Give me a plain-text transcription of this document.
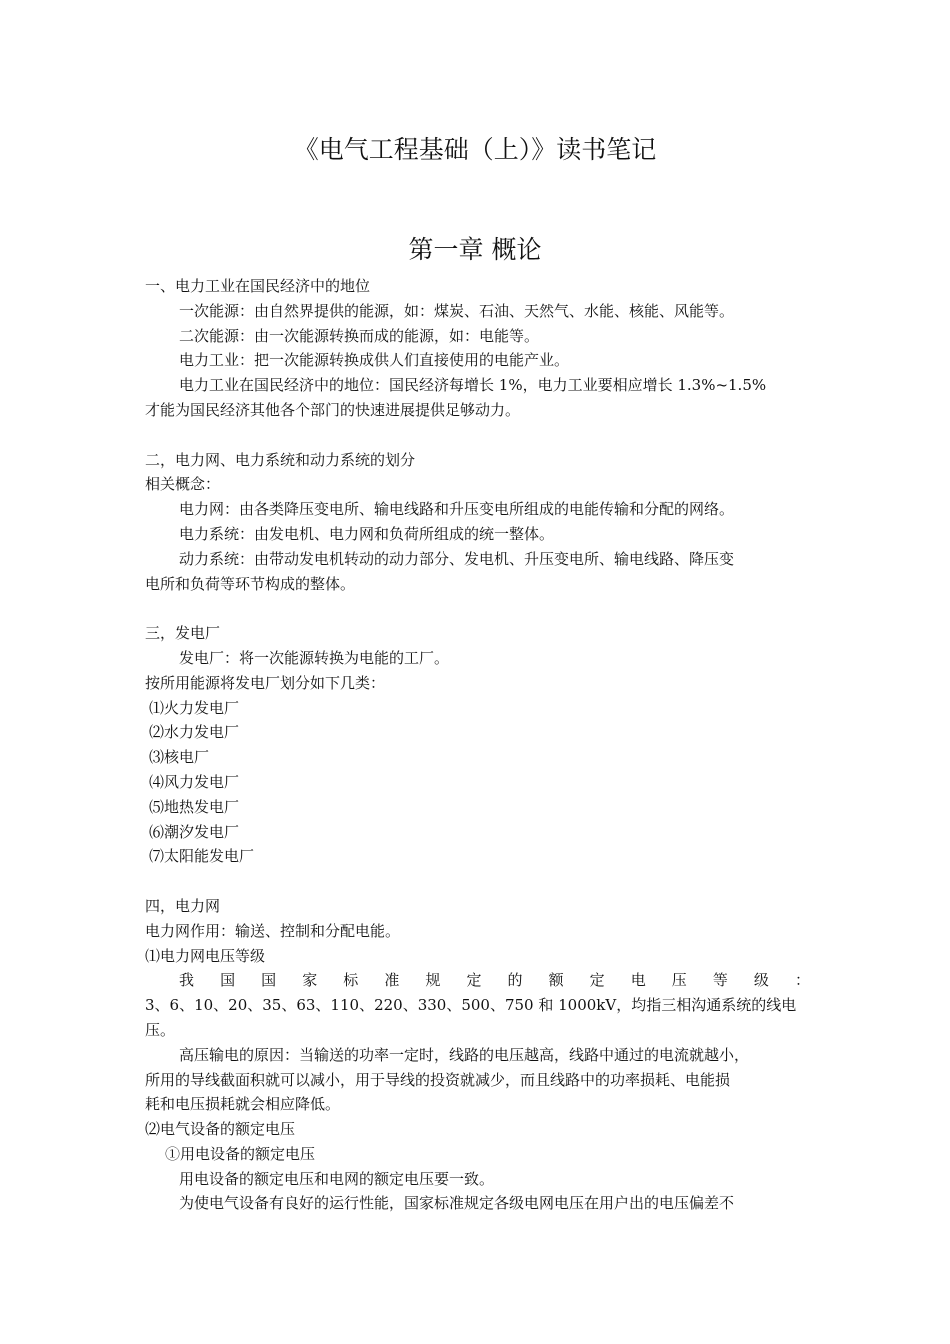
《电气工程基础（上）》读书笔记
第一章 概论
一、电力工业在国民经济中的地位
一次能源：由自然界提供的能源，如：煤炭、石油、天然气、水能、核能、风能等。
二次能源：由一次能源转换而成的能源，如：电能等。
电力工业：把一次能源转换成供人们直接使用的电能产业。
电力工业在国民经济中的地位：国民经济每增长 1%，电力工业要相应增长 1.3%~1.5%
才能为国民经济其他各个部门的快速进展提供足够动力。
二，电力网、电力系统和动力系统的划分
相关概念：
电力网：由各类降压变电所、输电线路和升压变电所组成的电能传输和分配的网络。
电力系统：由发电机、电力网和负荷所组成的统一整体。
动力系统：由带动发电机转动的动力部分、发电机、升压变电所、输电线路、降压变
电所和负荷等环节构成的整体。
三，发电厂
发电厂：将一次能源转换为电能的工厂。
按所用能源将发电厂划分如下几类：
⑴火力发电厂
⑵水力发电厂
⑶核电厂
⑷风力发电厂
⑸地热发电厂
⑹潮汐发电厂
⑺太阳能发电厂
四，电力网
电力网作用：输送、控制和分配电能。
⑴电力网电压等级
我 国 国 家 标 准 规 定 的 额 定 电 压 等 级 ：
3、6、10、20、35、63、110、220、330、500、750 和 1000kV，均指三相沟通系统的线电
压。
高压输电的原因：当输送的功率一定时，线路的电压越高，线路中通过的电流就越小，
所用的导线截面积就可以减小，用于导线的投资就减少，而且线路中的功率损耗、电能损
耗和电压损耗就会相应降低。
⑵电气设备的额定电压
①用电设备的额定电压
用电设备的额定电压和电网的额定电压要一致。
为使电气设备有良好的运行性能，国家标准规定各级电网电压在用户出的电压偏差不
